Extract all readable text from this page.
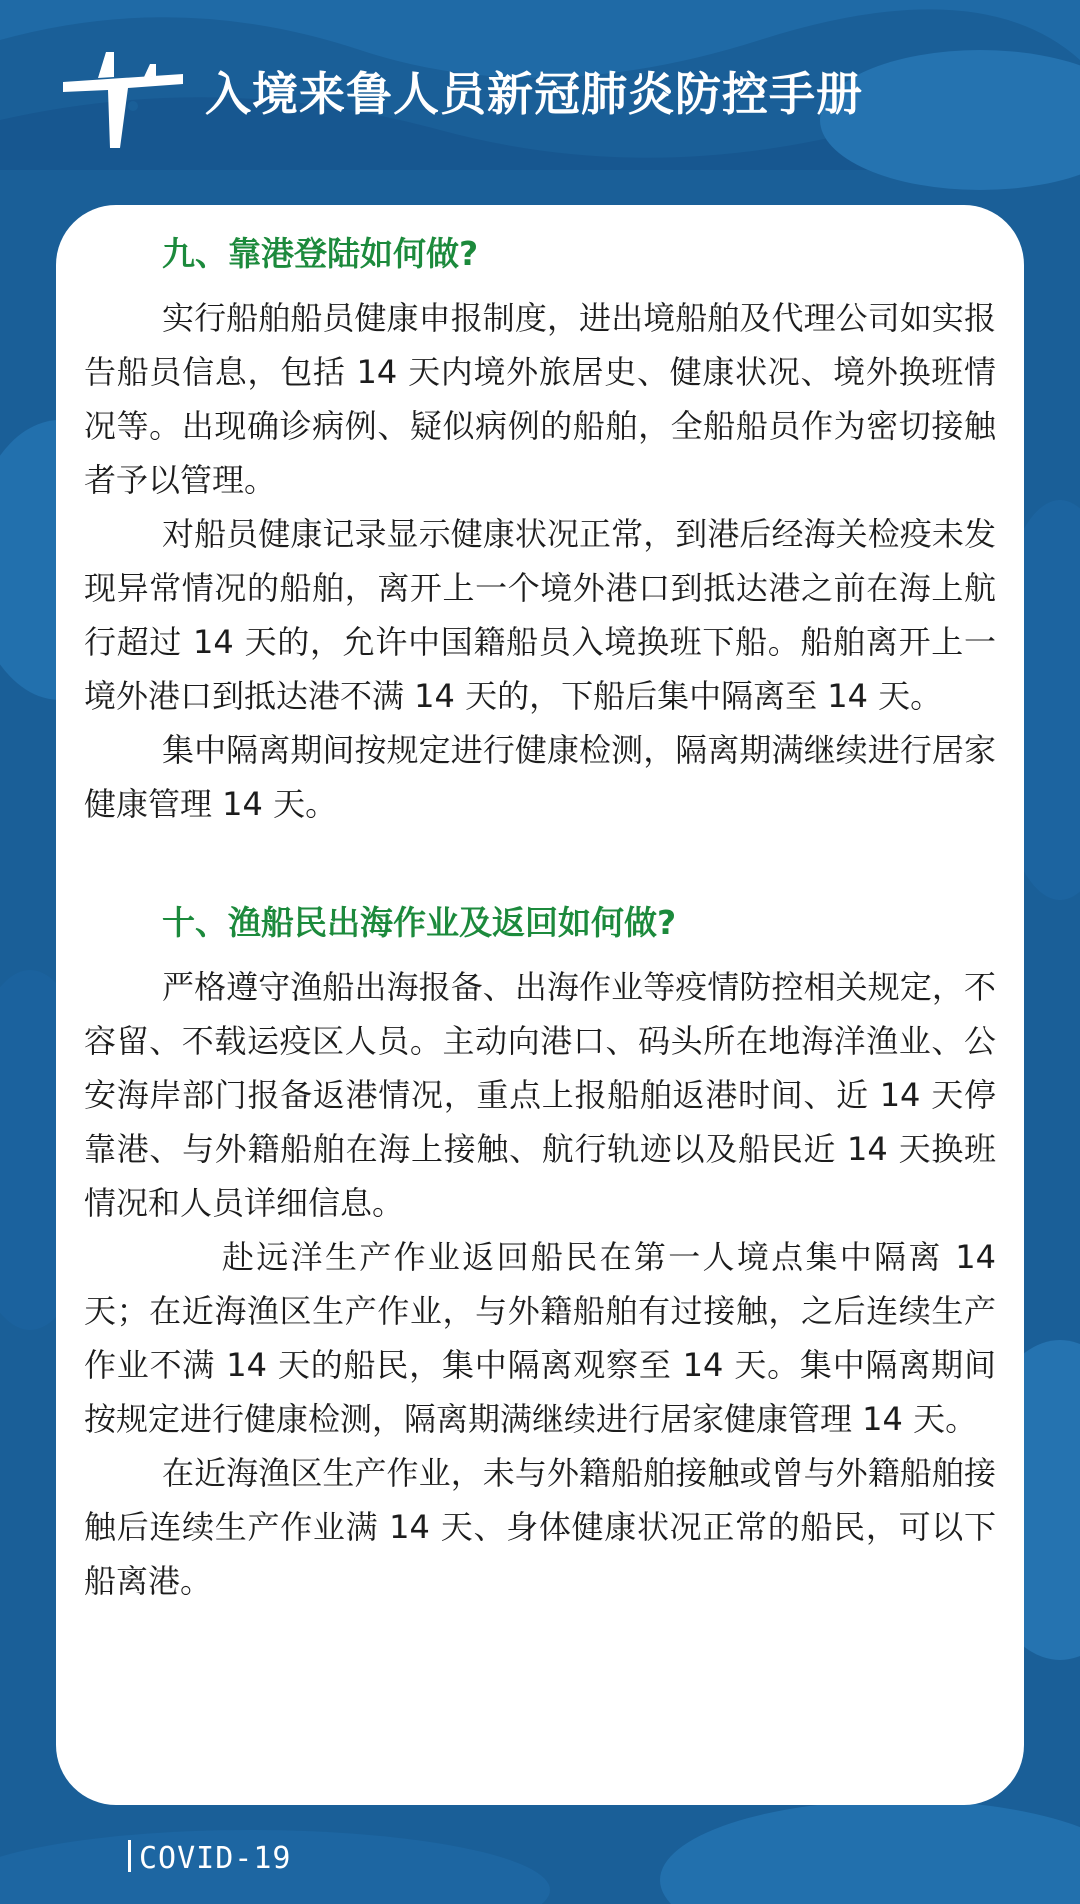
入境来鲁人员新冠肺炎防控手册
九、靠港登陆如何做?

实行船舶船员健康申报制度，进出境船舶及代理公司如实报告船员信息，包括 14 天内境外旅居史、健康状况、境外换班情况等。出现确诊病例、疑似病例的船舶，全船船员作为密切接触者予以管理。

对船员健康记录显示健康状况正常，到港后经海关检疫未发现异常情况的船舶，离开上一个境外港口到抵达港之前在海上航行超过 14 天的，允许中国籍船员入境换班下船。船舶离开上一境外港口到抵达港不满 14 天的，下船后集中隔离至 14 天。

集中隔离期间按规定进行健康检测，隔离期满继续进行居家健康管理 14 天。

十、渔船民出海作业及返回如何做?

严格遵守渔船出海报备、出海作业等疫情防控相关规定，不容留、不载运疫区人员。主动向港口、码头所在地海洋渔业、公安海岸部门报备返港情况，重点上报船舶返港时间、近 14 天停靠港、与外籍船舶在海上接触、航行轨迹以及船民近 14 天换班情况和人员详细信息。

赴远洋生产作业返回船民在第一人境点集中隔离 14 天；在近海渔区生产作业，与外籍船舶有过接触，之后连续生产作业不满 14 天的船民，集中隔离观察至 14 天。集中隔离期间按规定进行健康检测，隔离期满继续进行居家健康管理 14 天。

在近海渔区生产作业，未与外籍船舶接触或曾与外籍船舶接触后连续生产作业满 14 天、身体健康状况正常的船民，可以下船离港。

COVID-19
